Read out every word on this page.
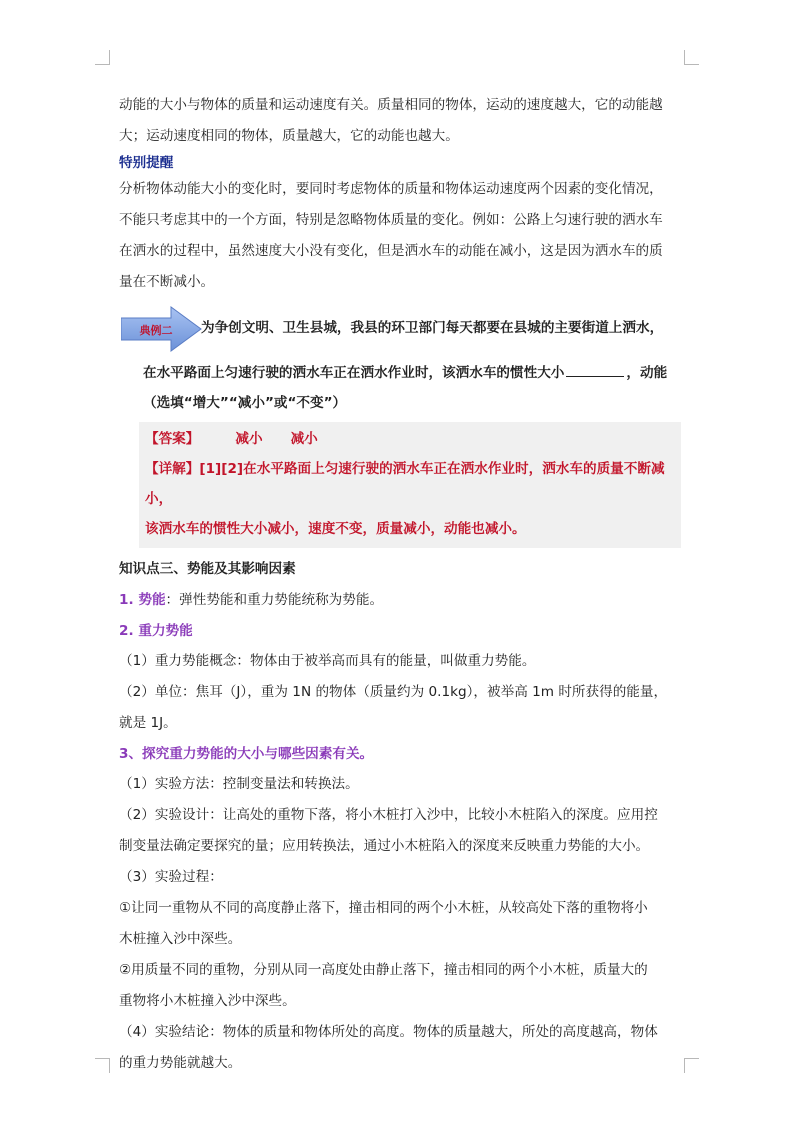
动能的大小与物体的质量和运动速度有关。质量相同的物体，运动的速度越大，它的动能越

大；运动速度相同的物体，质量越大，它的动能也越大。

特别提醒

分析物体动能大小的变化时，要同时考虑物体的质量和物体运动速度两个因素的变化情况，

不能只考虑其中的一个方面，特别是忽略物体质量的变化。例如：公路上匀速行驶的洒水车

在洒水的过程中，虽然速度大小没有变化，但是洒水车的动能在减小，这是因为洒水车的质

量在不断减小。

典例二	为争创文明、卫生县城，我县的环卫部门每天都要在县城的主要街道上洒水，

在水平路面上匀速行驶的洒水车正在洒水作业时，该洒水车的惯性大小	，动能

（选填“增大”“减小”或“不变”）

【答案】	减小 减小

【详解】[1][2]在水平路面上匀速行驶的洒水车正在洒水作业时，洒水车的质量不断减小，

该洒水车的惯性大小减小，速度不变，质量减小，动能也减小。

知识点三、势能及其影响因素

1. 势能：弹性势能和重力势能统称为势能。

2. 重力势能

（1）重力势能概念：物体由于被举高而具有的能量，叫做重力势能。

（2）单位：焦耳（J），重为 1N 的物体（质量约为 0.1kg），被举高 1m 时所获得的能量，

就是 1J。

3、探究重力势能的大小与哪些因素有关。

（1）实验方法：控制变量法和转换法。

（2）实验设计：让高处的重物下落，将小木桩打入沙中，比较小木桩陷入的深度。应用控

制变量法确定要探究的量；应用转换法，通过小木桩陷入的深度来反映重力势能的大小。

（3）实验过程：

①让同一重物从不同的高度静止落下，撞击相同的两个小木桩，从较高处下落的重物将小

木桩撞入沙中深些。

②用质量不同的重物，分别从同一高度处由静止落下，撞击相同的两个小木桩，质量大的

重物将小木桩撞入沙中深些。

（4）实验结论：物体的质量和物体所处的高度。物体的质量越大，所处的高度越高，物体

的重力势能就越大。
